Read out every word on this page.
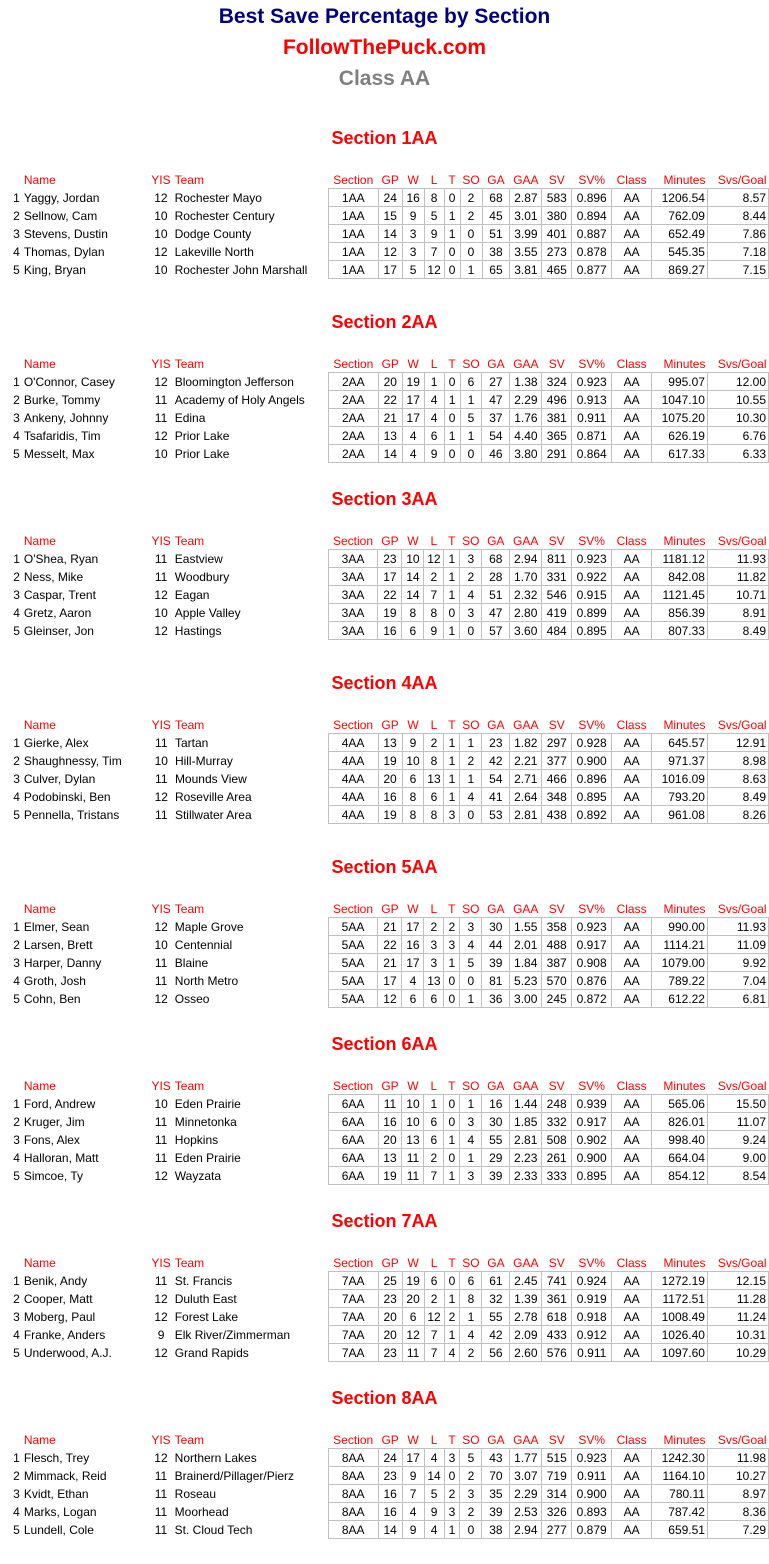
Best Save Percentage by Section
FollowThePuck.com
Class AA
Section 1AA
	Name	YIS	Team	Section	GP	W	L	T	SO	GA	GAA	SV	SV%	Class	Minutes	Svs/Goal
1	Yaggy, Jordan	12	Rochester Mayo	1AA	24	16	8	0	2	68	2.87	583	0.896	AA	1206.54	8.57
2	Sellnow, Cam	10	Rochester Century	1AA	15	9	5	1	2	45	3.01	380	0.894	AA	762.09	8.44
3	Stevens, Dustin	10	Dodge County	1AA	14	3	9	1	0	51	3.99	401	0.887	AA	652.49	7.86
4	Thomas, Dylan	12	Lakeville North	1AA	12	3	7	0	0	38	3.55	273	0.878	AA	545.35	7.18
5	King, Bryan	10	Rochester John Marshall	1AA	17	5	12	0	1	65	3.81	465	0.877	AA	869.27	7.15
Section 2AA
	Name	YIS	Team	Section	GP	W	L	T	SO	GA	GAA	SV	SV%	Class	Minutes	Svs/Goal
1	O'Connor, Casey	12	Bloomington Jefferson	2AA	20	19	1	0	6	27	1.38	324	0.923	AA	995.07	12.00
2	Burke, Tommy	11	Academy of Holy Angels	2AA	22	17	4	1	1	47	2.29	496	0.913	AA	1047.10	10.55
3	Ankeny, Johnny	11	Edina	2AA	21	17	4	0	5	37	1.76	381	0.911	AA	1075.20	10.30
4	Tsafaridis, Tim	12	Prior Lake	2AA	13	4	6	1	1	54	4.40	365	0.871	AA	626.19	6.76
5	Messelt, Max	10	Prior Lake	2AA	14	4	9	0	0	46	3.80	291	0.864	AA	617.33	6.33
Section 3AA
	Name	YIS	Team	Section	GP	W	L	T	SO	GA	GAA	SV	SV%	Class	Minutes	Svs/Goal
1	O'Shea, Ryan	11	Eastview	3AA	23	10	12	1	3	68	2.94	811	0.923	AA	1181.12	11.93
2	Ness, Mike	11	Woodbury	3AA	17	14	2	1	2	28	1.70	331	0.922	AA	842.08	11.82
3	Caspar, Trent	12	Eagan	3AA	22	14	7	1	4	51	2.32	546	0.915	AA	1121.45	10.71
4	Gretz, Aaron	10	Apple Valley	3AA	19	8	8	0	3	47	2.80	419	0.899	AA	856.39	8.91
5	Gleinser, Jon	12	Hastings	3AA	16	6	9	1	0	57	3.60	484	0.895	AA	807.33	8.49
Section 4AA
	Name	YIS	Team	Section	GP	W	L	T	SO	GA	GAA	SV	SV%	Class	Minutes	Svs/Goal
1	Gierke, Alex	11	Tartan	4AA	13	9	2	1	1	23	1.82	297	0.928	AA	645.57	12.91
2	Shaughnessy, Tim	10	Hill-Murray	4AA	19	10	8	1	2	42	2.21	377	0.900	AA	971.37	8.98
3	Culver, Dylan	11	Mounds View	4AA	20	6	13	1	1	54	2.71	466	0.896	AA	1016.09	8.63
4	Podobinski, Ben	12	Roseville Area	4AA	16	8	6	1	4	41	2.64	348	0.895	AA	793.20	8.49
5	Pennella, Tristans	11	Stillwater Area	4AA	19	8	8	3	0	53	2.81	438	0.892	AA	961.08	8.26
Section 5AA
	Name	YIS	Team	Section	GP	W	L	T	SO	GA	GAA	SV	SV%	Class	Minutes	Svs/Goal
1	Elmer, Sean	12	Maple Grove	5AA	21	17	2	2	3	30	1.55	358	0.923	AA	990.00	11.93
2	Larsen, Brett	10	Centennial	5AA	22	16	3	3	4	44	2.01	488	0.917	AA	1114.21	11.09
3	Harper, Danny	11	Blaine	5AA	21	17	3	1	5	39	1.84	387	0.908	AA	1079.00	9.92
4	Groth, Josh	11	North Metro	5AA	17	4	13	0	0	81	5.23	570	0.876	AA	789.22	7.04
5	Cohn, Ben	12	Osseo	5AA	12	6	6	0	1	36	3.00	245	0.872	AA	612.22	6.81
Section 6AA
	Name	YIS	Team	Section	GP	W	L	T	SO	GA	GAA	SV	SV%	Class	Minutes	Svs/Goal
1	Ford, Andrew	10	Eden Prairie	6AA	11	10	1	0	1	16	1.44	248	0.939	AA	565.06	15.50
2	Kruger, Jim	11	Minnetonka	6AA	16	10	6	0	3	30	1.85	332	0.917	AA	826.01	11.07
3	Fons, Alex	11	Hopkins	6AA	20	13	6	1	4	55	2.81	508	0.902	AA	998.40	9.24
4	Halloran, Matt	11	Eden Prairie	6AA	13	11	2	0	1	29	2.23	261	0.900	AA	664.04	9.00
5	Simcoe, Ty	12	Wayzata	6AA	19	11	7	1	3	39	2.33	333	0.895	AA	854.12	8.54
Section 7AA
	Name	YIS	Team	Section	GP	W	L	T	SO	GA	GAA	SV	SV%	Class	Minutes	Svs/Goal
1	Benik, Andy	11	St. Francis	7AA	25	19	6	0	6	61	2.45	741	0.924	AA	1272.19	12.15
2	Cooper, Matt	12	Duluth East	7AA	23	20	2	1	8	32	1.39	361	0.919	AA	1172.51	11.28
3	Moberg, Paul	12	Forest Lake	7AA	20	6	12	2	1	55	2.78	618	0.918	AA	1008.49	11.24
4	Franke, Anders	9	Elk River/Zimmerman	7AA	20	12	7	1	4	42	2.09	433	0.912	AA	1026.40	10.31
5	Underwood, A.J.	12	Grand Rapids	7AA	23	11	7	4	2	56	2.60	576	0.911	AA	1097.60	10.29
Section 8AA
	Name	YIS	Team	Section	GP	W	L	T	SO	GA	GAA	SV	SV%	Class	Minutes	Svs/Goal
1	Flesch, Trey	12	Northern Lakes	8AA	24	17	4	3	5	43	1.77	515	0.923	AA	1242.30	11.98
2	Mimmack, Reid	11	Brainerd/Pillager/Pierz	8AA	23	9	14	0	2	70	3.07	719	0.911	AA	1164.10	10.27
3	Kvidt, Ethan	11	Roseau	8AA	16	7	5	2	3	35	2.29	314	0.900	AA	780.11	8.97
4	Marks, Logan	11	Moorhead	8AA	16	4	9	3	2	39	2.53	326	0.893	AA	787.42	8.36
5	Lundell, Cole	11	St. Cloud Tech	8AA	14	9	4	1	0	38	2.94	277	0.879	AA	659.51	7.29
